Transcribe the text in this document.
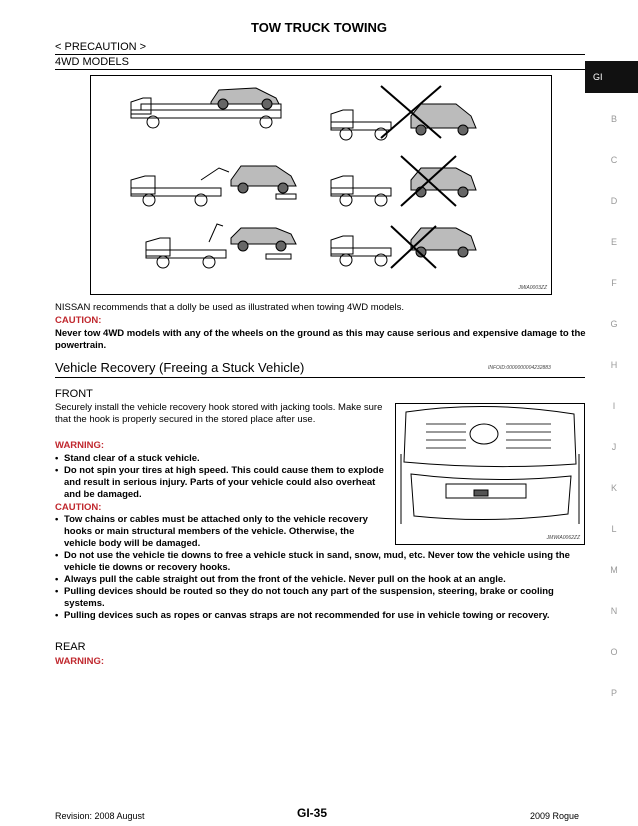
TOW TRUCK TOWING
< PRECAUTION >
4WD MODELS
JMIA0003ZZ
NISSAN recommends that a dolly be used as illustrated when towing 4WD models.
CAUTION:
Never tow 4WD models with any of the wheels on the ground as this may cause serious and expensive damage to the powertrain.
Vehicle Recovery (Freeing a Stuck Vehicle)	INFOID:0000000004232883
FRONT
Securely install the vehicle recovery hook stored with jacking tools. Make sure that the hook is properly secured in the stored place after use.
JMWIA0062ZZ
WARNING:
• Stand clear of a stuck vehicle.
• Do not spin your tires at high speed. This could cause them to explode and result in serious injury. Parts of your vehicle could also overheat and be damaged.
CAUTION:
• Tow chains or cables must be attached only to the vehicle recovery hooks or main structural members of the vehicle. Otherwise, the vehicle body will be damaged.
• Do not use the vehicle tie downs to free a vehicle stuck in sand, snow, mud, etc. Never tow the vehicle using the vehicle tie downs or recovery hooks.
• Always pull the cable straight out from the front of the vehicle. Never pull on the hook at an angle.
• Pulling devices should be routed so they do not touch any part of the suspension, steering, brake or cooling systems.
• Pulling devices such as ropes or canvas straps are not recommended for use in vehicle towing or recovery.
REAR
WARNING:
GI
B
C
D
E
F
G
H
I
J
K
L
M
N
O
P
Revision: 2008 August	GI-35	2009 Rogue
